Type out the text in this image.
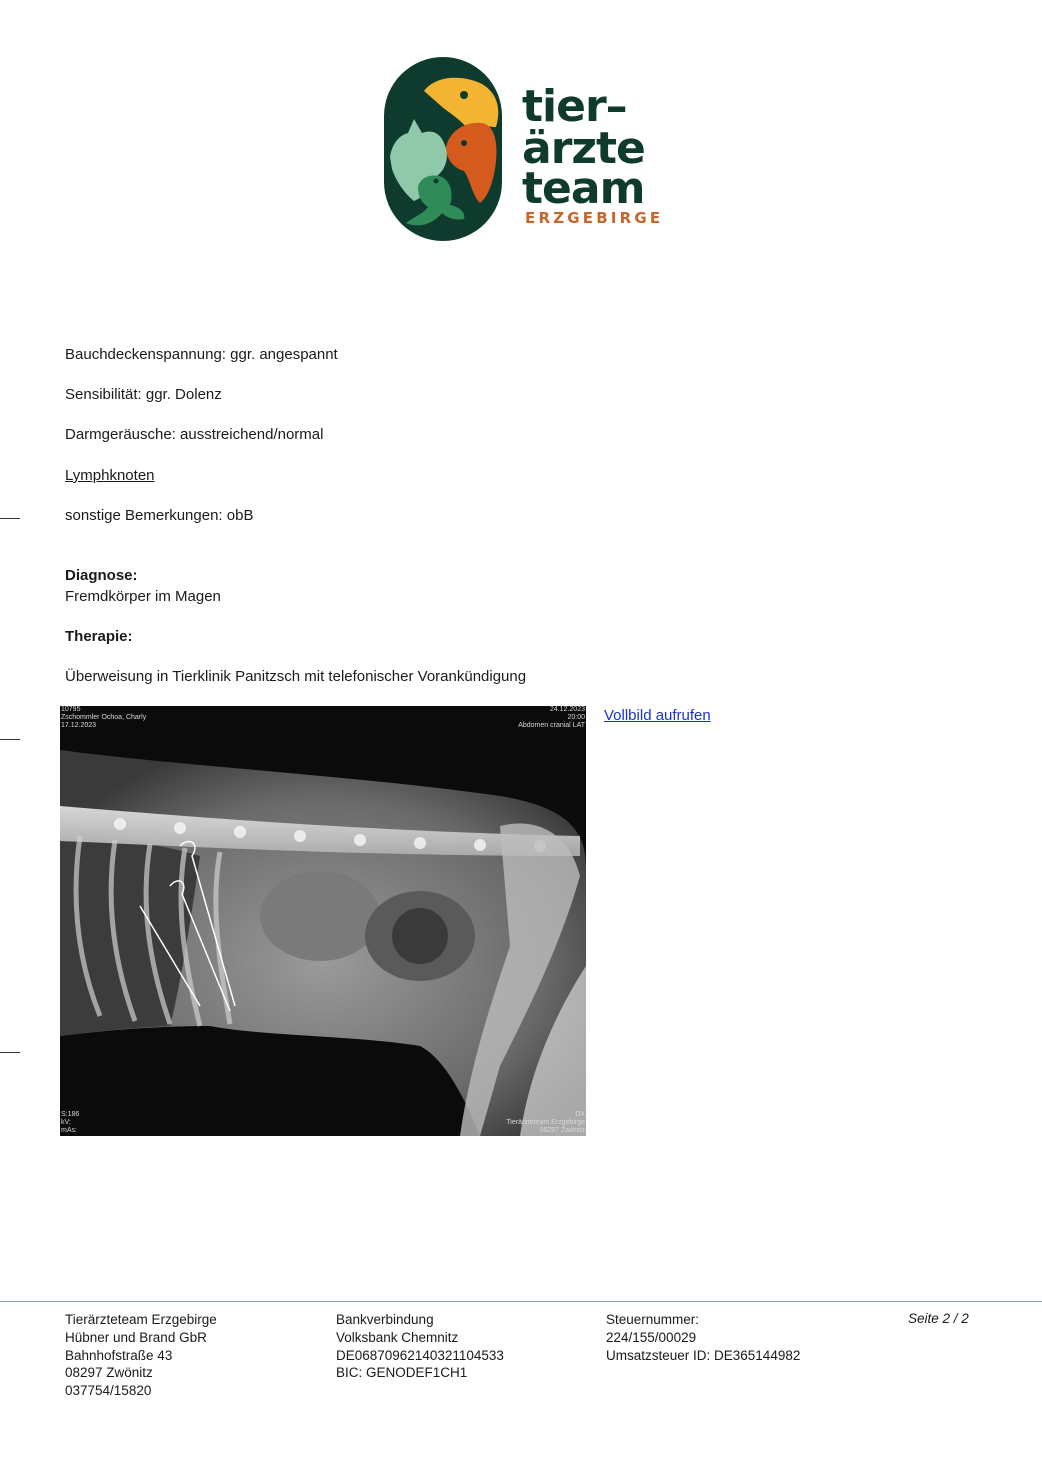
tier–
ärzte
team
ERZGEBIRGE
Bauchdeckenspannung: ggr. angespannt
Sensibilität: ggr. Dolenz
Darmgeräusche: ausstreichend/normal
Lymphknoten
sonstige Bemerkungen: obB
Diagnose:
Fremdkörper im Magen
Therapie:
Überweisung in Tierklinik Panitzsch mit telefonischer Vorankündigung
10795
Zschommler Ochoa, Charly
17.12.2023
24.12.2023
20:00
Abdomen cranial LAT
S:186
kV:
mAs:
DX
Tierärzteteam Erzgebirge
08297 Zwönitz
Vollbild aufrufen
Tierärzteteam Erzgebirge
Hübner und Brand GbR
Bahnhofstraße 43
08297 Zwönitz
037754/15820
Bankverbindung
Volksbank Chemnitz
DE06870962140321104533
BIC: GENODEF1CH1
Steuernummer:
224/155/00029
Umsatzsteuer ID: DE365144982
Seite 2 / 2
